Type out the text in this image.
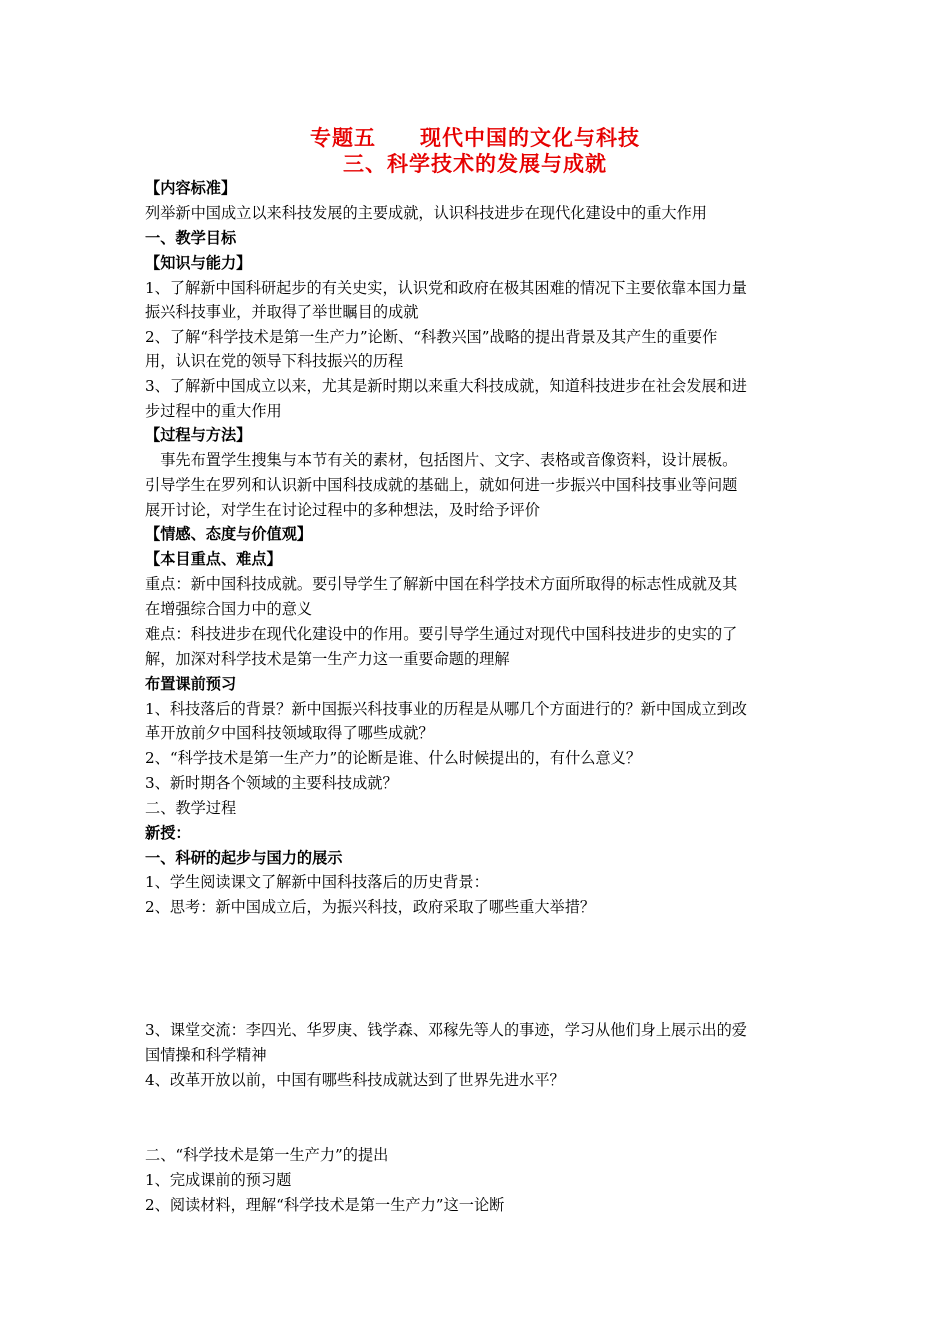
专题五　　现代中国的文化与科技
三、科学技术的发展与成就
【内容标准】
列举新中国成立以来科技发展的主要成就，认识科技进步在现代化建设中的重大作用
一、教学目标
【知识与能力】
1、了解新中国科研起步的有关史实，认识党和政府在极其困难的情况下主要依靠本国力量
振兴科技事业，并取得了举世瞩目的成就
2、了解“科学技术是第一生产力”论断、“科教兴国”战略的提出背景及其产生的重要作
用，认识在党的领导下科技振兴的历程
3、了解新中国成立以来，尤其是新时期以来重大科技成就，知道科技进步在社会发展和进
步过程中的重大作用
【过程与方法】
　事先布置学生搜集与本节有关的素材，包括图片、文字、表格或音像资料，设计展板。
引导学生在罗列和认识新中国科技成就的基础上，就如何进一步振兴中国科技事业等问题
展开讨论，对学生在讨论过程中的多种想法，及时给予评价
【情感、态度与价值观】
【本目重点、难点】
重点：新中国科技成就。要引导学生了解新中国在科学技术方面所取得的标志性成就及其
在增强综合国力中的意义
难点：科技进步在现代化建设中的作用。要引导学生通过对现代中国科技进步的史实的了
解，加深对科学技术是第一生产力这一重要命题的理解
布置课前预习
1、科技落后的背景？新中国振兴科技事业的历程是从哪几个方面进行的？新中国成立到改
革开放前夕中国科技领域取得了哪些成就？
2、“科学技术是第一生产力”的论断是谁、什么时候提出的，有什么意义？
3、新时期各个领域的主要科技成就？
二、教学过程
新授：
一、科研的起步与国力的展示
1、学生阅读课文了解新中国科技落后的历史背景：
2、思考：新中国成立后，为振兴科技，政府采取了哪些重大举措？
3、课堂交流：李四光、华罗庚、钱学森、邓稼先等人的事迹，学习从他们身上展示出的爱
国情操和科学精神
4、改革开放以前，中国有哪些科技成就达到了世界先进水平？
二、“科学技术是第一生产力”的提出
1、完成课前的预习题
2、阅读材料，理解“科学技术是第一生产力”这一论断
